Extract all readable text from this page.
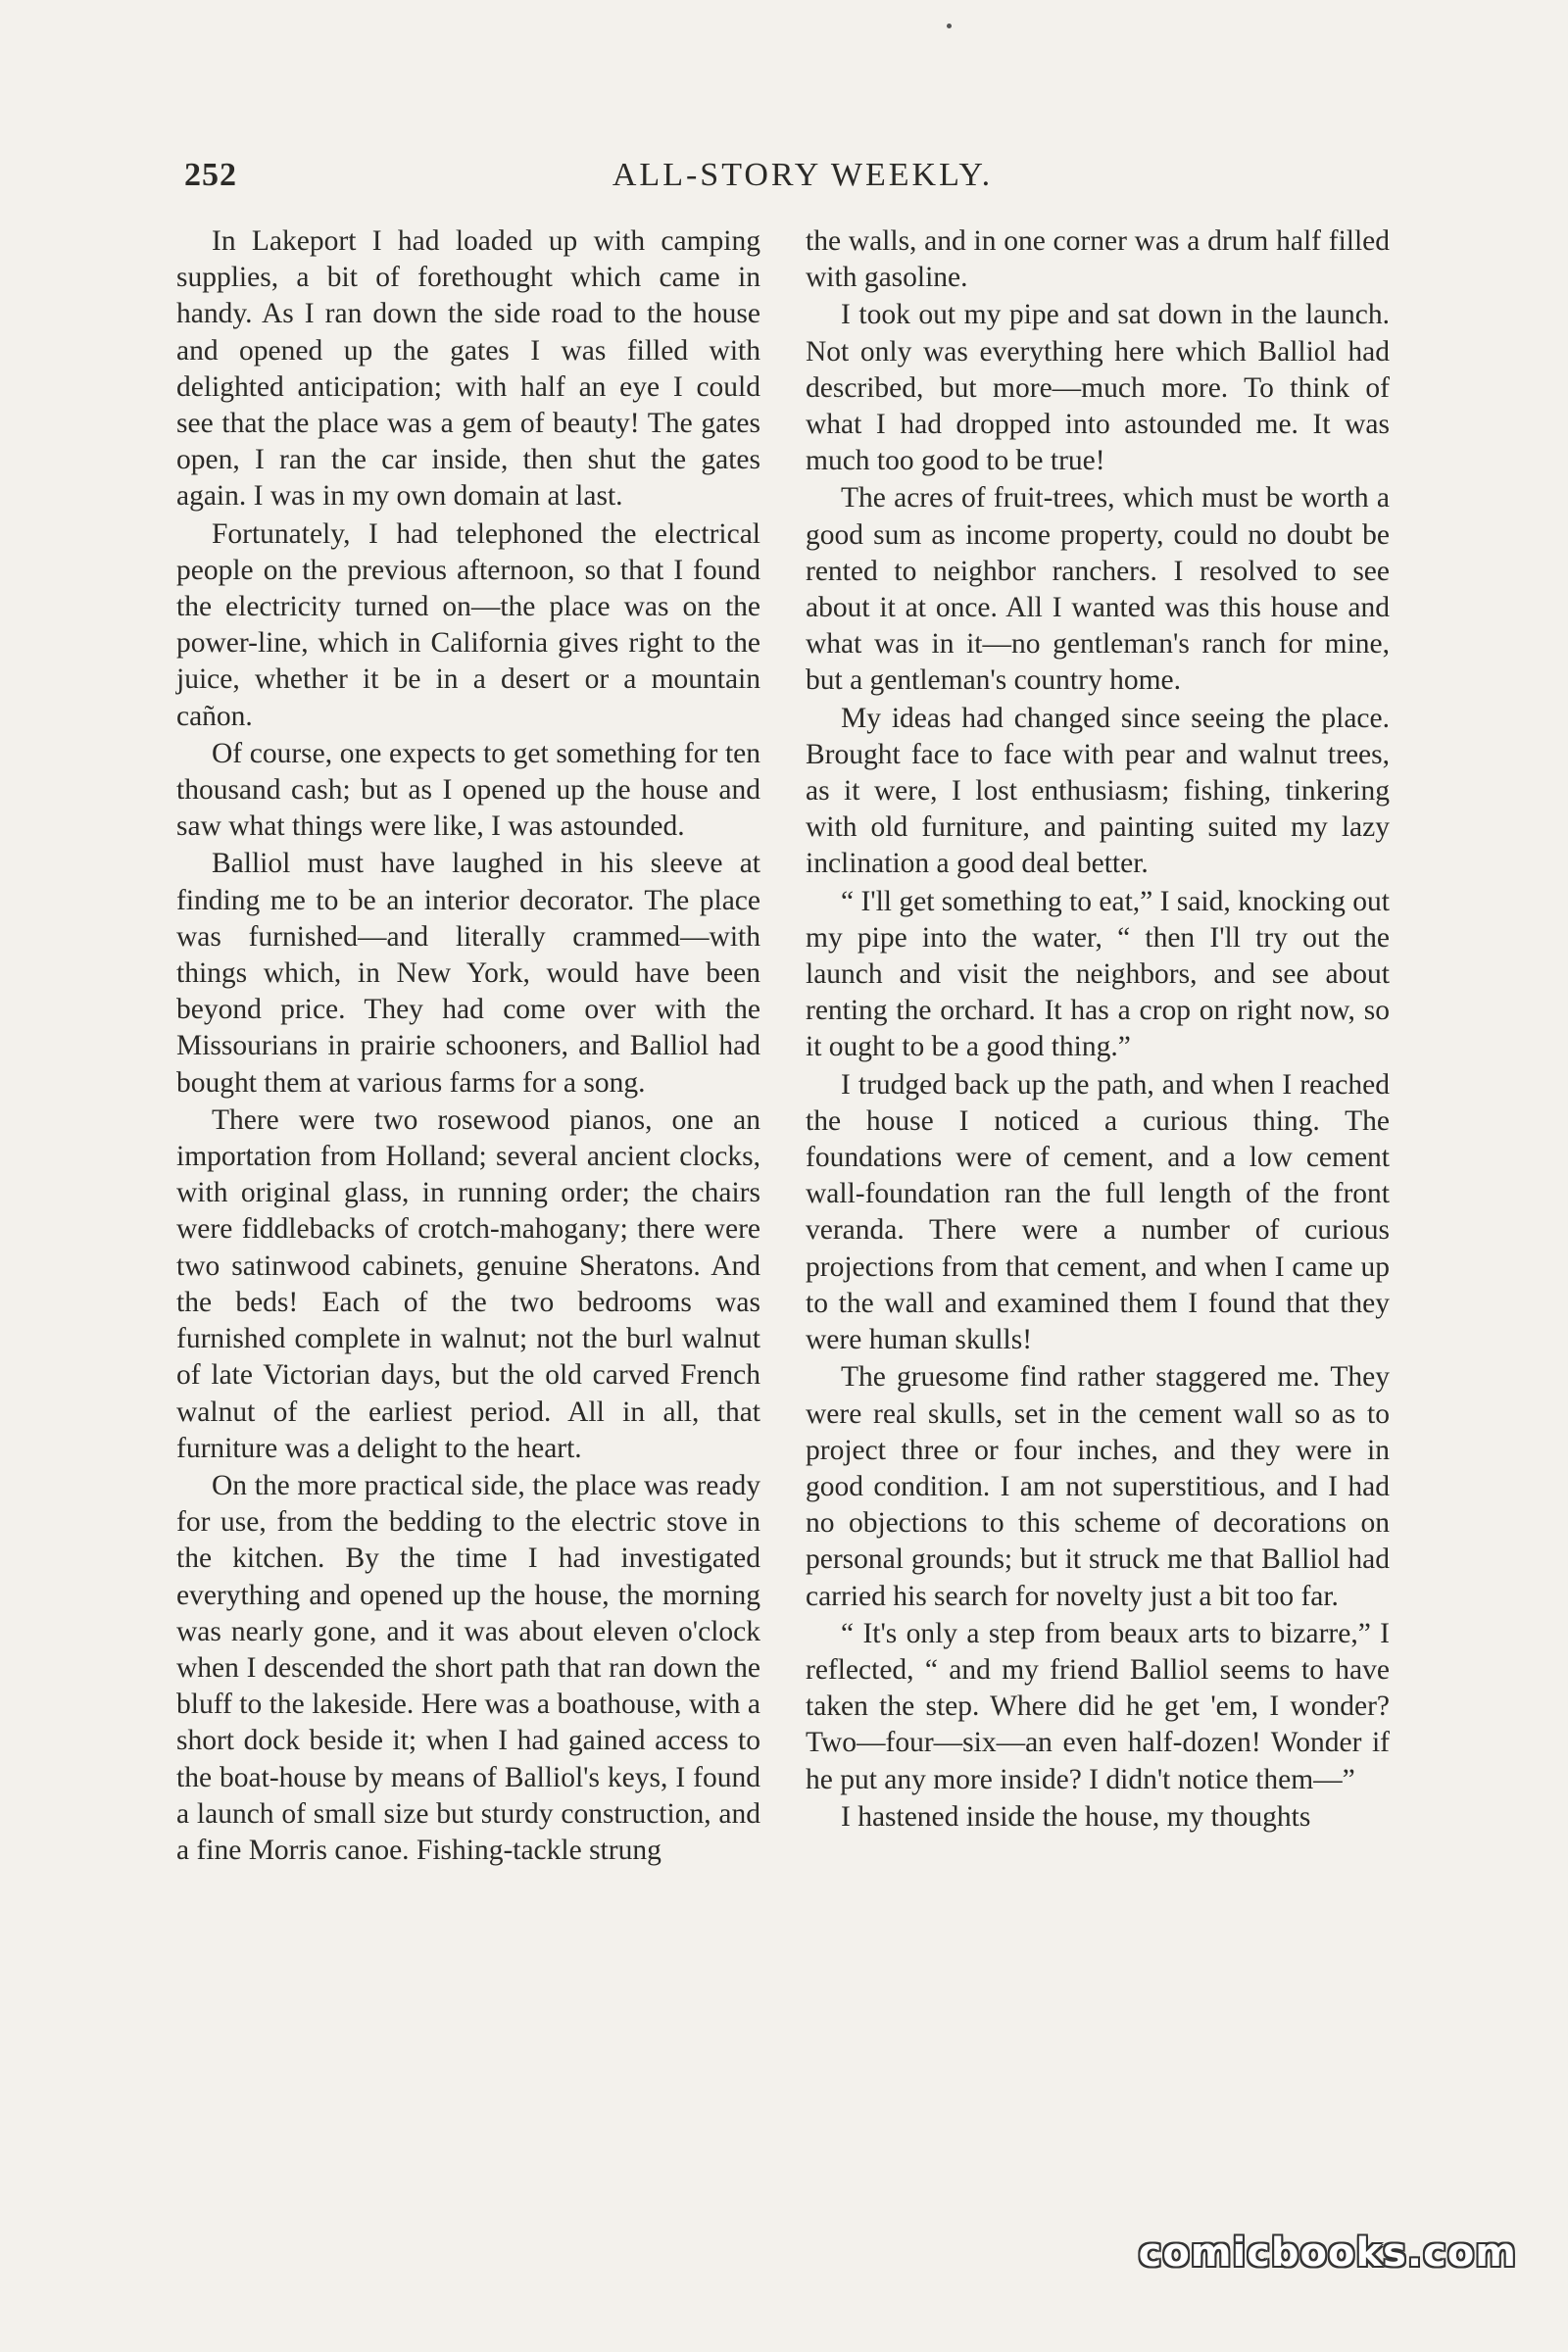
252	ALL-STORY WEEKLY.

In Lakeport I had loaded up with camping supplies, a bit of forethought which came in handy. As I ran down the side road to the house and opened up the gates I was filled with delighted anticipation; with half an eye I could see that the place was a gem of beauty! The gates open, I ran the car inside, then shut the gates again. I was in my own domain at last.

Fortunately, I had telephoned the electrical people on the previous afternoon, so that I found the electricity turned on—the place was on the power-line, which in California gives right to the juice, whether it be in a desert or a mountain cañon.

Of course, one expects to get something for ten thousand cash; but as I opened up the house and saw what things were like, I was astounded.

Balliol must have laughed in his sleeve at finding me to be an interior decorator. The place was furnished—and literally crammed—with things which, in New York, would have been beyond price. They had come over with the Missourians in prairie schooners, and Balliol had bought them at various farms for a song.

There were two rosewood pianos, one an importation from Holland; several ancient clocks, with original glass, in running order; the chairs were fiddlebacks of crotch-mahogany; there were two satinwood cabinets, genuine Sheratons. And the beds! Each of the two bedrooms was furnished complete in walnut; not the burl walnut of late Victorian days, but the old carved French walnut of the earliest period. All in all, that furniture was a delight to the heart.

On the more practical side, the place was ready for use, from the bedding to the electric stove in the kitchen. By the time I had investigated everything and opened up the house, the morning was nearly gone, and it was about eleven o'clock when I descended the short path that ran down the bluff to the lakeside. Here was a boathouse, with a short dock beside it; when I had gained access to the boat-house by means of Balliol's keys, I found a launch of small size but sturdy construction, and a fine Morris canoe. Fishing-tackle strung

the walls, and in one corner was a drum half filled with gasoline.

I took out my pipe and sat down in the launch. Not only was everything here which Balliol had described, but more—much more. To think of what I had dropped into astounded me. It was much too good to be true!

The acres of fruit-trees, which must be worth a good sum as income property, could no doubt be rented to neighbor ranchers. I resolved to see about it at once. All I wanted was this house and what was in it—no gentleman's ranch for mine, but a gentleman's country home.

My ideas had changed since seeing the place. Brought face to face with pear and walnut trees, as it were, I lost enthusiasm; fishing, tinkering with old furniture, and painting suited my lazy inclination a good deal better.

“ I'll get something to eat,” I said, knocking out my pipe into the water, “ then I'll try out the launch and visit the neighbors, and see about renting the orchard. It has a crop on right now, so it ought to be a good thing.”

I trudged back up the path, and when I reached the house I noticed a curious thing. The foundations were of cement, and a low cement wall-foundation ran the full length of the front veranda. There were a number of curious projections from that cement, and when I came up to the wall and examined them I found that they were human skulls!

The gruesome find rather staggered me. They were real skulls, set in the cement wall so as to project three or four inches, and they were in good condition. I am not superstitious, and I had no objections to this scheme of decorations on personal grounds; but it struck me that Balliol had carried his search for novelty just a bit too far.

“ It's only a step from beaux arts to bizarre,” I reflected, “ and my friend Balliol seems to have taken the step. Where did he get 'em, I wonder? Two—four—six—an even half-dozen! Wonder if he put any more inside? I didn't notice them—”

I hastened inside the house, my thoughts

comicbooks.com
